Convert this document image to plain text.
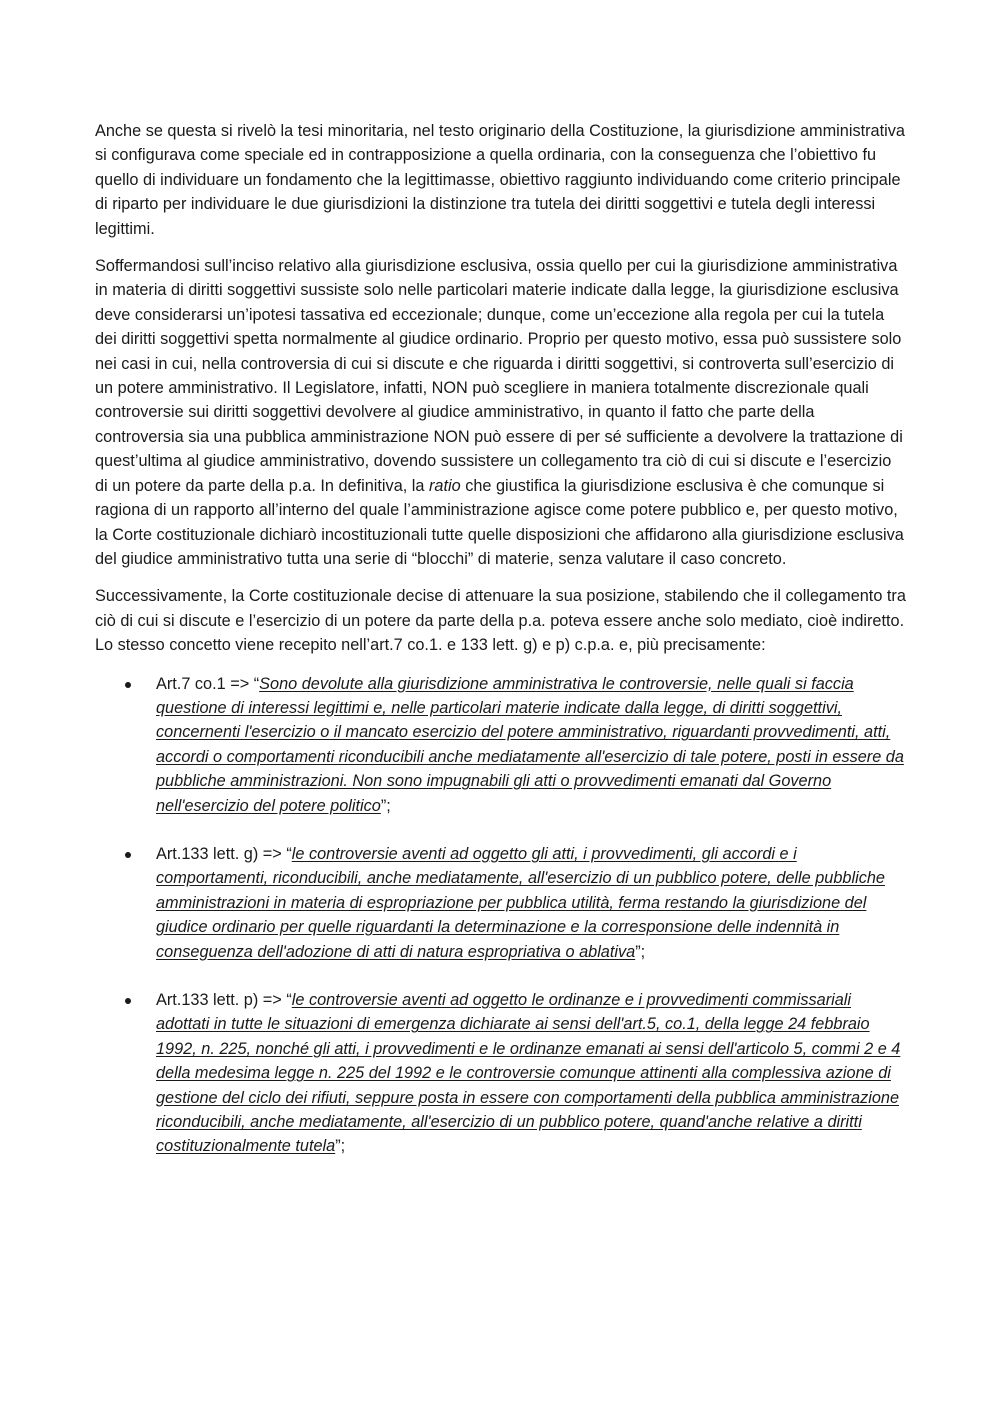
Anche se questa si rivelò la tesi minoritaria, nel testo originario della Costituzione, la giurisdizione amministrativa si configurava come speciale ed in contrapposizione a quella ordinaria, con la conseguenza che l’obiettivo fu quello di individuare un fondamento che la legittimasse, obiettivo raggiunto individuando come criterio principale di riparto per individuare le due giurisdizioni la distinzione tra tutela dei diritti soggettivi e tutela degli interessi legittimi.

Soffermandosi sull’inciso relativo alla giurisdizione esclusiva, ossia quello per cui la giurisdizione amministrativa in materia di diritti soggettivi sussiste solo nelle particolari materie indicate dalla legge, la giurisdizione esclusiva deve considerarsi un’ipotesi tassativa ed eccezionale; dunque, come un’eccezione alla regola per cui la tutela dei diritti soggettivi spetta normalmente al giudice ordinario. Proprio per questo motivo, essa può sussistere solo nei casi in cui, nella controversia di cui si discute e che riguarda i diritti soggettivi, si controverta sull’esercizio di un potere amministrativo. Il Legislatore, infatti, NON può scegliere in maniera totalmente discrezionale quali controversie sui diritti soggettivi devolvere al giudice amministrativo, in quanto il fatto che parte della controversia sia una pubblica amministrazione NON può essere di per sé sufficiente a devolvere la trattazione di quest’ultima al giudice amministrativo, dovendo sussistere un collegamento tra ciò di cui si discute e l’esercizio di un potere da parte della p.a. In definitiva, la ratio che giustifica la giurisdizione esclusiva è che comunque si ragiona di un rapporto all’interno del quale l’amministrazione agisce come potere pubblico e, per questo motivo, la Corte costituzionale dichiarò incostituzionali tutte quelle disposizioni che affidarono alla giurisdizione esclusiva del giudice amministrativo tutta una serie di “blocchi” di materie, senza valutare il caso concreto.

Successivamente, la Corte costituzionale decise di attenuare la sua posizione, stabilendo che il collegamento tra ciò di cui si discute e l’esercizio di un potere da parte della p.a. poteva essere anche solo mediato, cioè indiretto. Lo stesso concetto viene recepito nell’art.7 co.1. e 133 lett. g) e p) c.p.a. e, più precisamente:

Art.7 co.1 => “Sono devolute alla giurisdizione amministrativa le controversie, nelle quali si faccia questione di interessi legittimi e, nelle particolari materie indicate dalla legge, di diritti soggettivi, concernenti l'esercizio o il mancato esercizio del potere amministrativo, riguardanti provvedimenti, atti, accordi o comportamenti riconducibili anche mediatamente all'esercizio di tale potere, posti in essere da pubbliche amministrazioni. Non sono impugnabili gli atti o provvedimenti emanati dal Governo nell'esercizio del potere politico”;
Art.133 lett. g) => “le controversie aventi ad oggetto gli atti, i provvedimenti, gli accordi e i comportamenti, riconducibili, anche mediatamente, all'esercizio di un pubblico potere, delle pubbliche amministrazioni in materia di espropriazione per pubblica utilità, ferma restando la giurisdizione del giudice ordinario per quelle riguardanti la determinazione e la corresponsione delle indennità in conseguenza dell'adozione di atti di natura espropriativa o ablativa”;
Art.133 lett. p) => “le controversie aventi ad oggetto le ordinanze e i provvedimenti commissariali adottati in tutte le situazioni di emergenza dichiarate ai sensi dell'art.5, co.1, della legge 24 febbraio 1992, n. 225, nonché gli atti, i provvedimenti e le ordinanze emanati ai sensi dell'articolo 5, commi 2 e 4 della medesima legge n. 225 del 1992 e le controversie comunque attinenti alla complessiva azione di gestione del ciclo dei rifiuti, seppure posta in essere con comportamenti della pubblica amministrazione riconducibili, anche mediatamente, all'esercizio di un pubblico potere, quand'anche relative a diritti costituzionalmente tutela”;
